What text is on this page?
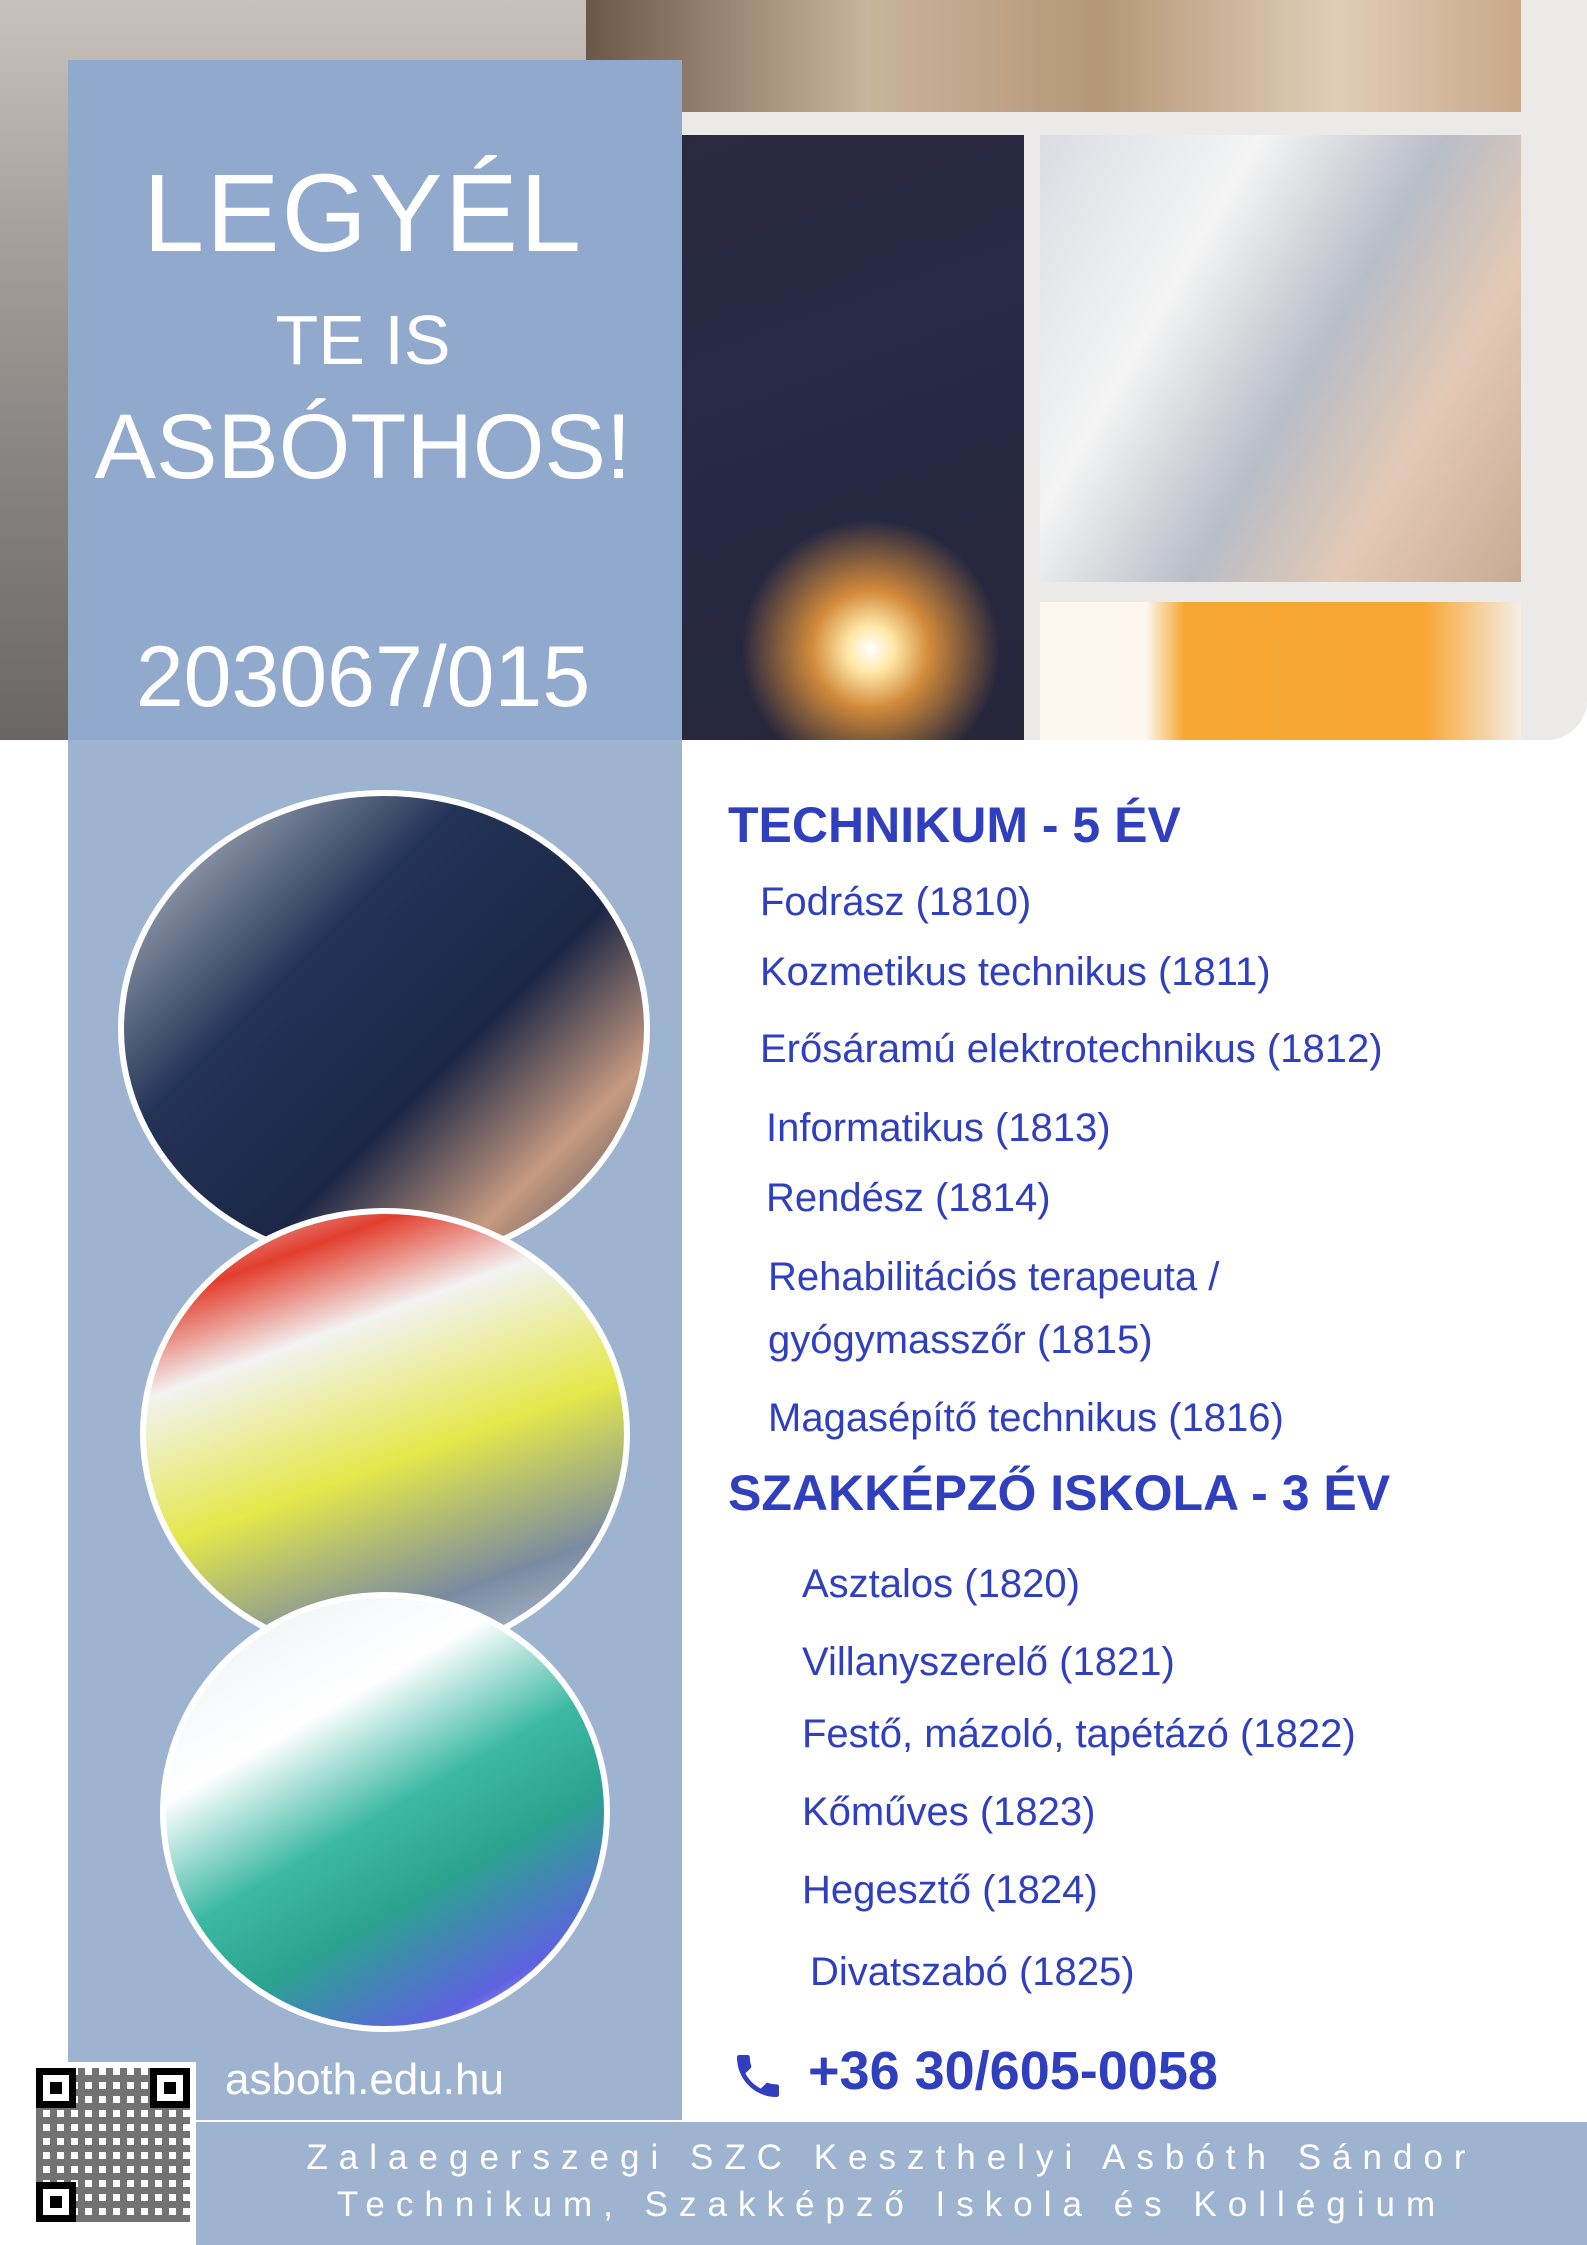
LEGYÉL
TE IS
ASBÓTHOS!
203067/015
TECHNIKUM - 5 ÉV
Fodrász (1810)
Kozmetikus technikus (1811)
Erősáramú elektrotechnikus (1812)
Informatikus (1813)
Rendész (1814)
Rehabilitációs terapeuta /
gyógymasszőr (1815)
Magasépítő technikus (1816)
SZAKKÉPZŐ ISKOLA - 3 ÉV
Asztalos (1820)
Villanyszerelő (1821)
Festő, mázoló, tapétázó (1822)
Kőműves (1823)
Hegesztő (1824)
Divatszabó (1825)
asboth.edu.hu	+36 30/605-0058
Zalaegerszegi SZC Keszthelyi Asbóth Sándor
Technikum, Szakképző Iskola és Kollégium
